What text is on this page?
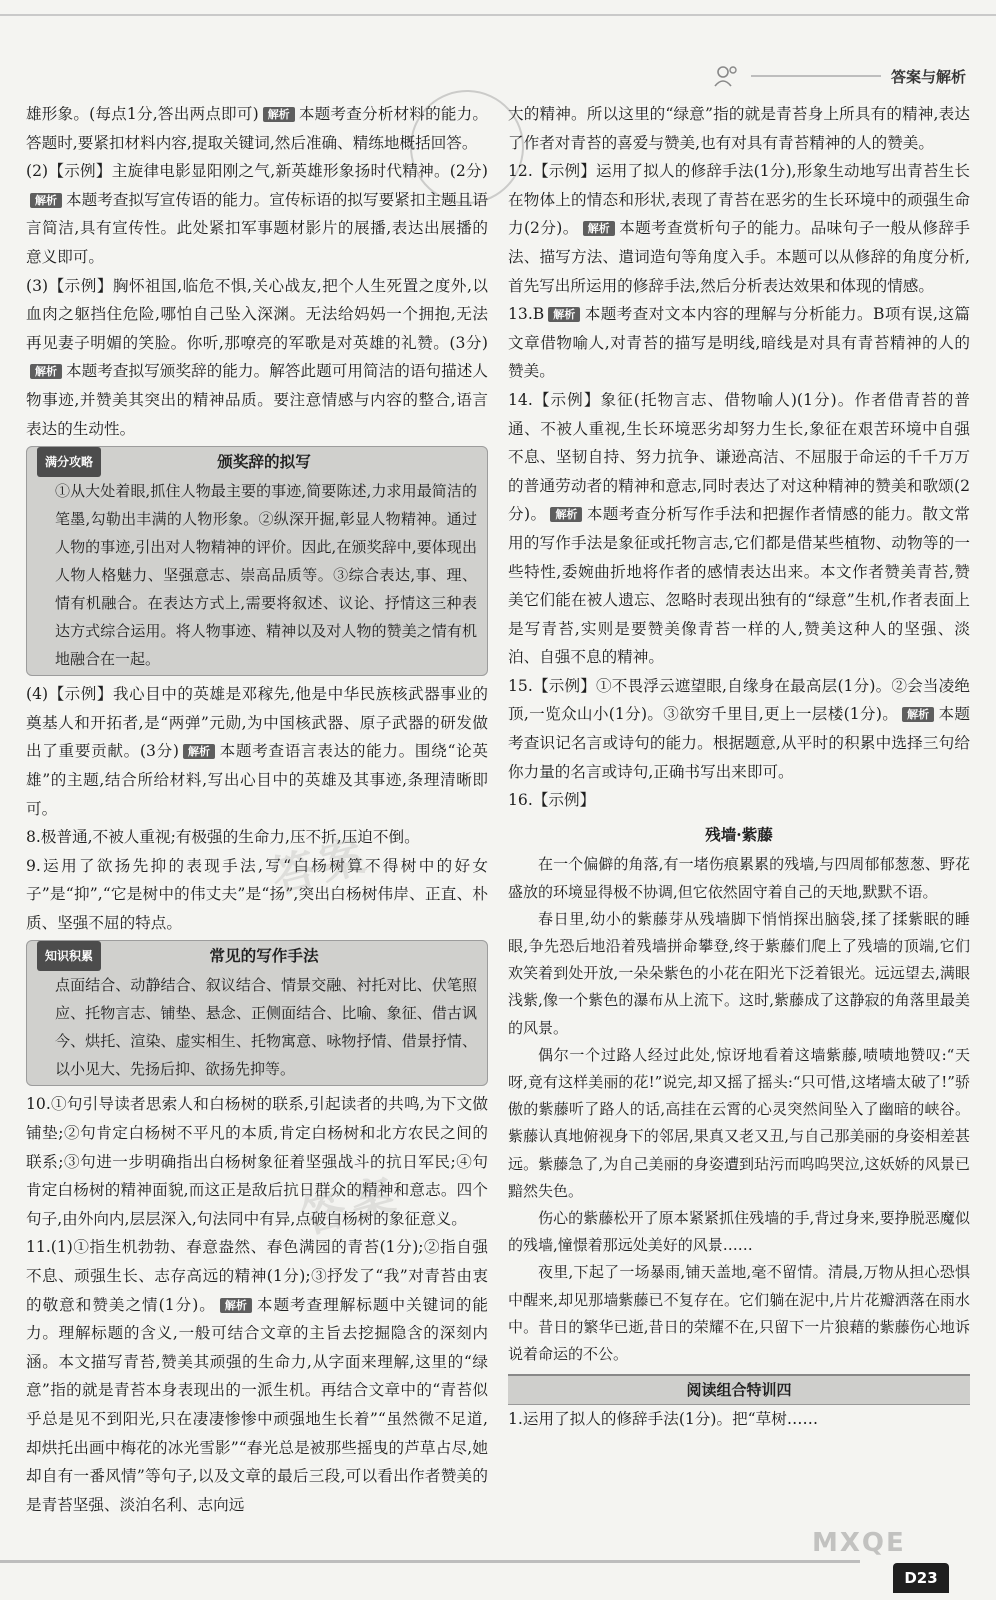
答案与解析

雄形象。(每点1分,答出两点即可) 解析 本题考查分析材料的能力。答题时,要紧扣材料内容,提取关键词,然后准确、精练地概括回答。

(2)【示例】主旋律电影显阳刚之气,新英雄形象扬时代精神。(2分)解析 本题考查拟写宣传语的能力。宣传标语的拟写要紧扣主题且语言简洁,具有宣传性。此处紧扣军事题材影片的展播,表达出展播的意义即可。

(3)【示例】胸怀祖国,临危不惧,关心战友,把个人生死置之度外,以血肉之躯挡住危险,哪怕自己坠入深渊。无法给妈妈一个拥抱,无法再见妻子明媚的笑脸。你听,那嘹亮的军歌是对英雄的礼赞。(3分)解析 本题考查拟写颁奖辞的能力。解答此题可用简洁的语句描述人物事迹,并赞美其突出的精神品质。要注意情感与内容的整合,语言表达的生动性。

满分攻略	颁奖辞的拟写

①从大处着眼,抓住人物最主要的事迹,简要陈述,力求用最简洁的笔墨,勾勒出丰满的人物形象。②纵深开掘,彰显人物精神。通过人物的事迹,引出对人物精神的评价。因此,在颁奖辞中,要体现出人物人格魅力、坚强意志、崇高品质等。③综合表达,事、理、情有机融合。在表达方式上,需要将叙述、议论、抒情这三种表达方式综合运用。将人物事迹、精神以及对人物的赞美之情有机地融合在一起。

(4)【示例】我心目中的英雄是邓稼先,他是中华民族核武器事业的奠基人和开拓者,是“两弹”元勋,为中国核武器、原子武器的研发做出了重要贡献。(3分) 解析 本题考查语言表达的能力。围绕“论英雄”的主题,结合所给材料,写出心目中的英雄及其事迹,条理清晰即可。

8.极普通,不被人重视;有极强的生命力,压不折,压迫不倒。

9.运用了欲扬先抑的表现手法,写“白杨树算不得树中的好女子”是“抑”,“它是树中的伟丈夫”是“扬”,突出白杨树伟岸、正直、朴质、坚强不屈的特点。

知识积累	常见的写作手法

点面结合、动静结合、叙议结合、情景交融、衬托对比、伏笔照应、托物言志、铺垫、悬念、正侧面结合、比喻、象征、借古讽今、烘托、渲染、虚实相生、托物寓意、咏物抒情、借景抒情、以小见大、先扬后抑、欲扬先抑等。

10.①句引导读者思索人和白杨树的联系,引起读者的共鸣,为下文做铺垫;②句肯定白杨树不平凡的本质,肯定白杨树和北方农民之间的联系;③句进一步明确指出白杨树象征着坚强战斗的抗日军民;④句肯定白杨树的精神面貌,而这正是敌后抗日群众的精神和意志。四个句子,由外向内,层层深入,句法同中有异,点破白杨树的象征意义。

11.(1)①指生机勃勃、春意盎然、春色满园的青苔(1分);②指自强不息、顽强生长、志存高远的精神(1分);③抒发了“我”对青苔由衷的敬意和赞美之情(1分)。 解析 本题考查理解标题中关键词的能力。理解标题的含义,一般可结合文章的主旨去挖掘隐含的深刻内涵。本文描写青苔,赞美其顽强的生命力,从字面来理解,这里的“绿意”指的就是青苔本身表现出的一派生机。再结合文章中的“青苔似乎总是见不到阳光,只在凄凄惨惨中顽强地生长着”“虽然微不足道,却烘托出画中梅花的冰光雪影”“春光总是被那些摇曳的芦草占尽,她却自有一番风情”等句子,以及文章的最后三段,可以看出作者赞美的是青苔坚强、淡泊名利、志向远

大的精神。所以这里的“绿意”指的就是青苔身上所具有的精神,表达了作者对青苔的喜爱与赞美,也有对具有青苔精神的人的赞美。

12.【示例】运用了拟人的修辞手法(1分),形象生动地写出青苔生长在物体上的情态和形状,表现了青苔在恶劣的生长环境中的顽强生命力(2分)。 解析 本题考查赏析句子的能力。品味句子一般从修辞手法、描写方法、遣词造句等角度入手。本题可以从修辞的角度分析,首先写出所运用的修辞手法,然后分析表达效果和体现的情感。

13.B 解析 本题考查对文本内容的理解与分析能力。B项有误,这篇文章借物喻人,对青苔的描写是明线,暗线是对具有青苔精神的人的赞美。

14.【示例】象征(托物言志、借物喻人)(1分)。作者借青苔的普通、不被人重视,生长环境恶劣却努力生长,象征在艰苦环境中自强不息、坚韧自持、努力抗争、谦逊高洁、不屈服于命运的千千万万的普通劳动者的精神和意志,同时表达了对这种精神的赞美和歌颂(2分)。 解析 本题考查分析写作手法和把握作者情感的能力。散文常用的写作手法是象征或托物言志,它们都是借某些植物、动物等的一些特性,委婉曲折地将作者的感情表达出来。本文作者赞美青苔,赞美它们能在被人遗忘、忽略时表现出独有的“绿意”生机,作者表面上是写青苔,实则是要赞美像青苔一样的人,赞美这种人的坚强、淡泊、自强不息的精神。

15.【示例】①不畏浮云遮望眼,自缘身在最高层(1分)。②会当凌绝顶,一览众山小(1分)。③欲穷千里目,更上一层楼(1分)。 解析 本题考查识记名言或诗句的能力。根据题意,从平时的积累中选择三句给你力量的名言或诗句,正确书写出来即可。

16.【示例】

残墙·紫藤

在一个偏僻的角落,有一堵伤痕累累的残墙,与四周郁郁葱葱、野花盛放的环境显得极不协调,但它依然固守着自己的天地,默默不语。

春日里,幼小的紫藤芽从残墙脚下悄悄探出脑袋,揉了揉紫眠的睡眼,争先恐后地沿着残墙拼命攀登,终于紫藤们爬上了残墙的顶端,它们欢笑着到处开放,一朵朵紫色的小花在阳光下泛着银光。远远望去,满眼浅紫,像一个紫色的瀑布从上流下。这时,紫藤成了这静寂的角落里最美的风景。

偶尔一个过路人经过此处,惊讶地看着这墙紫藤,啧啧地赞叹:“天呀,竟有这样美丽的花!”说完,却又摇了摇头:“只可惜,这堵墙太破了!”骄傲的紫藤听了路人的话,高挂在云霄的心灵突然间坠入了幽暗的峡谷。紫藤认真地俯视身下的邻居,果真又老又丑,与自己那美丽的身姿相差甚远。紫藤急了,为自己美丽的身姿遭到玷污而呜呜哭泣,这妖娇的风景已黯然失色。

伤心的紫藤松开了原本紧紧抓住残墙的手,背过身来,要挣脱恶魔似的残墙,憧憬着那远处美好的风景……

夜里,下起了一场暴雨,铺天盖地,毫不留情。清晨,万物从担心恐惧中醒来,却见那墙紫藤已不复存在。它们躺在泥中,片片花瓣洒落在雨水中。昔日的繁华已逝,昔日的荣耀不在,只留下一片狼藉的紫藤伤心地诉说着命运的不公。

阅读组合特训四

1.运用了拟人的修辞手法(1分)。把“草树……

答案
答案
MXQE
D23
